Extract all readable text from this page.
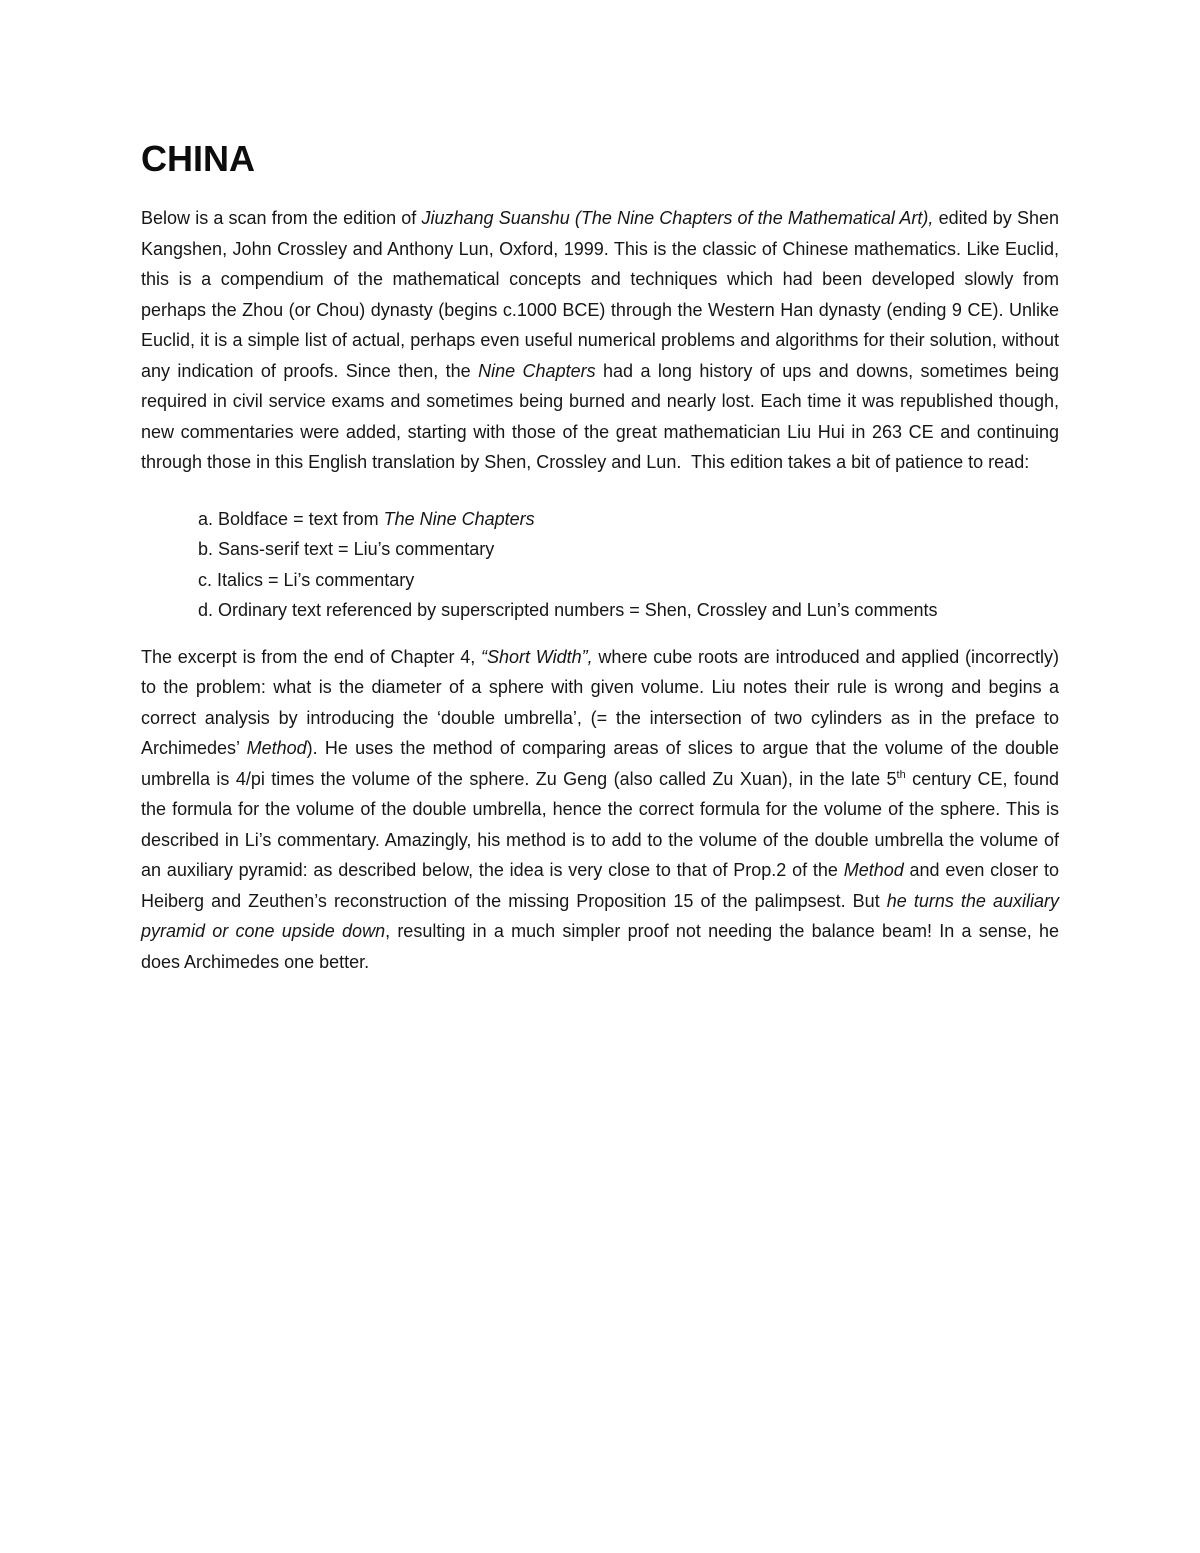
CHINA

Below is a scan from the edition of Jiuzhang Suanshu (The Nine Chapters of the Mathematical Art), edited by Shen Kangshen, John Crossley and Anthony Lun, Oxford, 1999. This is the classic of Chinese mathematics. Like Euclid, this is a compendium of the mathematical concepts and techniques which had been developed slowly from perhaps the Zhou (or Chou) dynasty (begins c.1000 BCE) through the Western Han dynasty (ending 9 CE). Unlike Euclid, it is a simple list of actual, perhaps even useful numerical problems and algorithms for their solution, without any indication of proofs. Since then, the Nine Chapters had a long history of ups and downs, sometimes being required in civil service exams and sometimes being burned and nearly lost. Each time it was republished though, new commentaries were added, starting with those of the great mathematician Liu Hui in 263 CE and continuing through those in this English translation by Shen, Crossley and Lun.  This edition takes a bit of patience to read:

a. Boldface = text from The Nine Chapters
b. Sans-serif text = Liu’s commentary
c. Italics = Li’s commentary
d. Ordinary text referenced by superscripted numbers = Shen, Crossley and Lun’s comments

The excerpt is from the end of Chapter 4, “Short Width”, where cube roots are introduced and applied (incorrectly) to the problem: what is the diameter of a sphere with given volume. Liu notes their rule is wrong and begins a correct analysis by introducing the ‘double umbrella’, (= the intersection of two cylinders as in the preface to Archimedes’ Method). He uses the method of comparing areas of slices to argue that the volume of the double umbrella is 4/pi times the volume of the sphere. Zu Geng (also called Zu Xuan), in the late 5th century CE, found the formula for the volume of the double umbrella, hence the correct formula for the volume of the sphere. This is described in Li’s commentary. Amazingly, his method is to add to the volume of the double umbrella the volume of an auxiliary pyramid: as described below, the idea is very close to that of Prop.2 of the Method and even closer to Heiberg and Zeuthen’s reconstruction of the missing Proposition 15 of the palimpsest. But he turns the auxiliary pyramid or cone upside down, resulting in a much simpler proof not needing the balance beam! In a sense, he does Archimedes one better.
